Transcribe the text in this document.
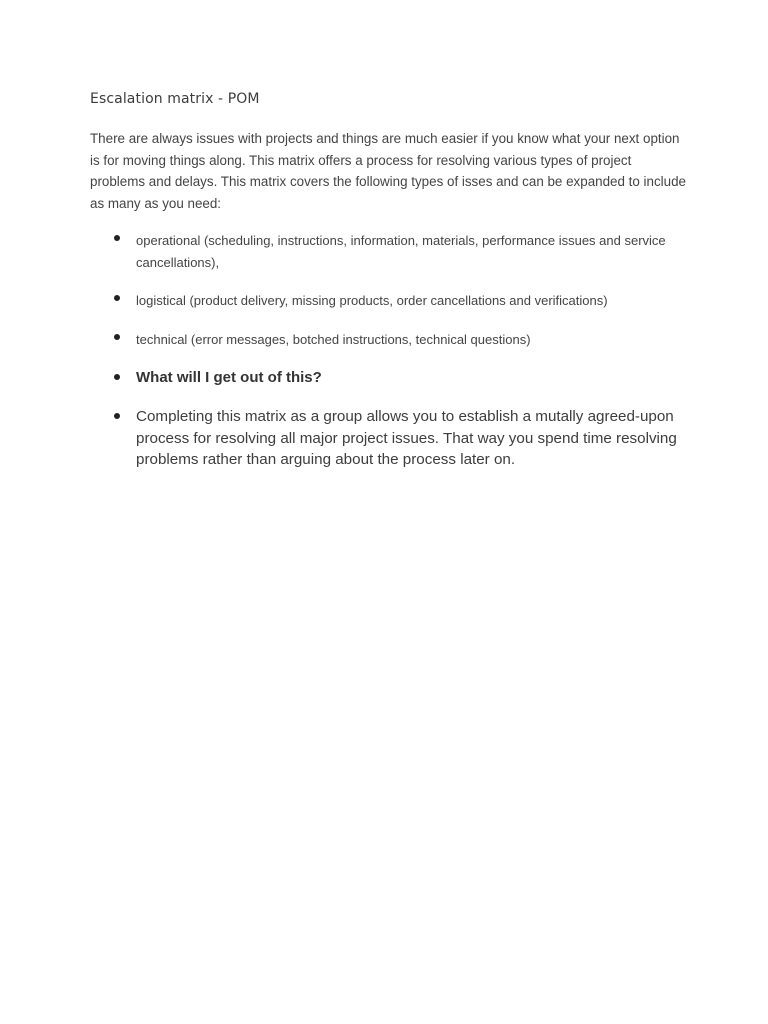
Escalation matrix - POM

There are always issues with projects and things are much easier if you know what your next option is for moving things along. This matrix offers a process for resolving various types of project problems and delays. This matrix covers the following types of isses and can be expanded to include as many as you need:

operational (scheduling, instructions, information, materials, performance issues and service cancellations),
logistical (product delivery, missing products, order cancellations and verifications)
technical (error messages, botched instructions, technical questions)
What will I get out of this?
Completing this matrix as a group allows you to establish a mutally agreed-upon process for resolving all major project issues. That way you spend time resolving problems rather than arguing about the process later on.
